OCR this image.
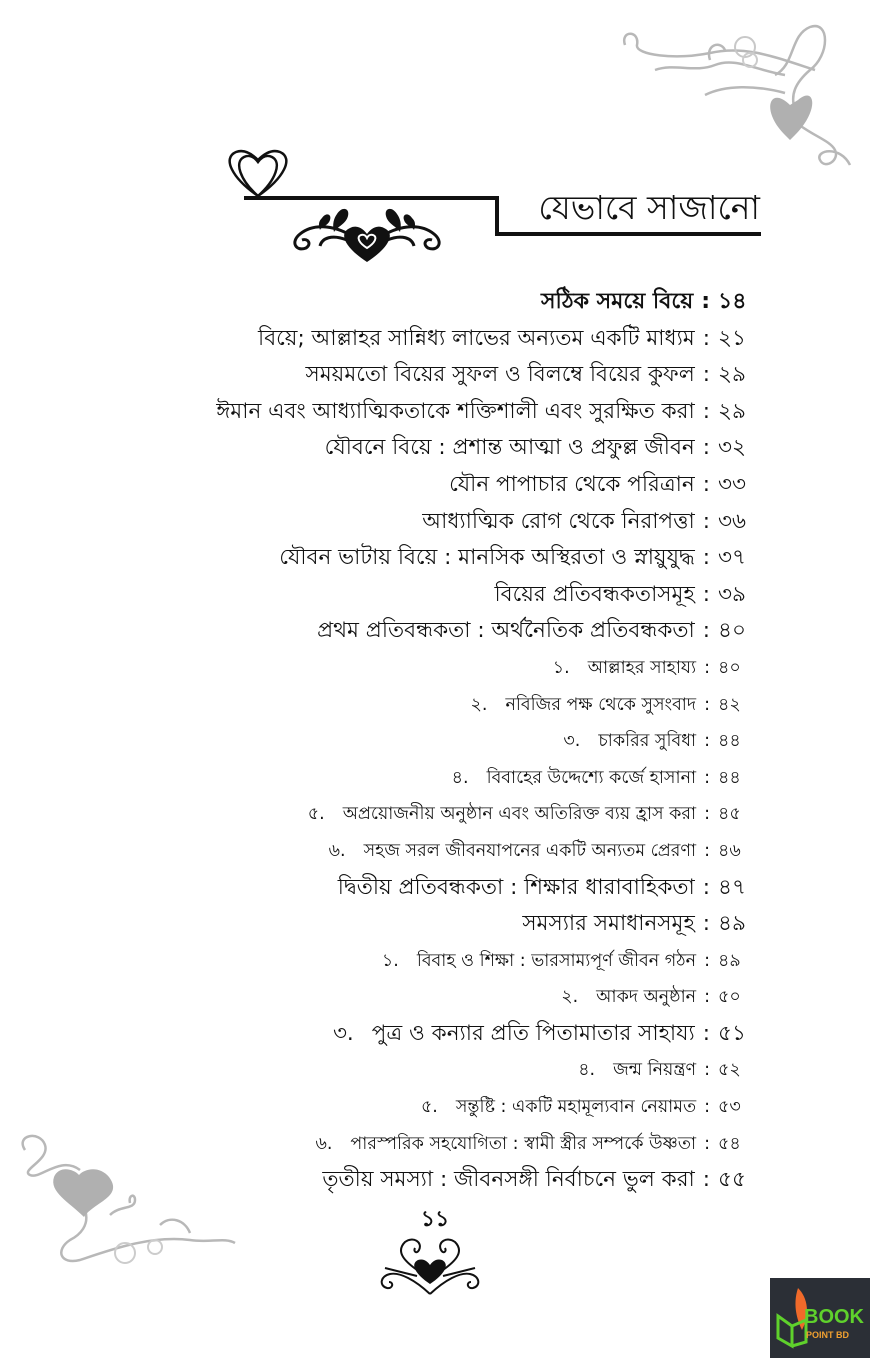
যেভাবে সাজানো
সঠিক সময়ে বিয়ে : ১৪
বিয়ে; আল্লাহর সান্নিধ্য লাভের অন্যতম একটি মাধ্যম : ২১
সময়মতো বিয়ের সুফল ও বিলম্বে বিয়ের কুফল : ২৯
ঈমান এবং আধ্যাত্মিকতাকে শক্তিশালী এবং সুরক্ষিত করা : ২৯
যৌবনে বিয়ে : প্রশান্ত আত্মা ও প্রফুল্ল জীবন : ৩২
যৌন পাপাচার থেকে পরিত্রান : ৩৩
আধ্যাত্মিক রোগ থেকে নিরাপত্তা : ৩৬
যৌবন ভাটায় বিয়ে : মানসিক অস্থিরতা ও স্নায়ুযুদ্ধ : ৩৭
বিয়ের প্রতিবন্ধকতাসমূহ : ৩৯
প্রথম প্রতিবন্ধকতা : অর্থনৈতিক প্রতিবন্ধকতা : ৪০
১. আল্লাহর সাহায্য : ৪০
২. নবিজির পক্ষ থেকে সুসংবাদ : ৪২
৩. চাকরির সুবিধা : ৪৪
৪. বিবাহের উদ্দেশ্যে কর্জে হাসানা : ৪৪
৫. অপ্রয়োজনীয় অনুষ্ঠান এবং অতিরিক্ত ব্যয় হ্রাস করা : ৪৫
৬. সহজ সরল জীবনযাপনের একটি অন্যতম প্রেরণা : ৪৬
দ্বিতীয় প্রতিবন্ধকতা : শিক্ষার ধারাবাহিকতা : ৪৭
সমস্যার সমাধানসমূহ : ৪৯
১. বিবাহ ও শিক্ষা : ভারসাম্যপূর্ণ জীবন গঠন : ৪৯
২. আকদ অনুষ্ঠান : ৫০
৩. পুত্র ও কন্যার প্রতি পিতামাতার সাহায্য : ৫১
৪. জন্ম নিয়ন্ত্রণ : ৫২
৫. সন্তুষ্টি : একটি মহামূল্যবান নেয়ামত : ৫৩
৬. পারস্পরিক সহযোগিতা : স্বামী স্ত্রীর সম্পর্কে উষ্ণতা : ৫৪
তৃতীয় সমস্যা : জীবনসঙ্গী নির্বাচনে ভুল করা : ৫৫
১১
BOOK
POINT BD
